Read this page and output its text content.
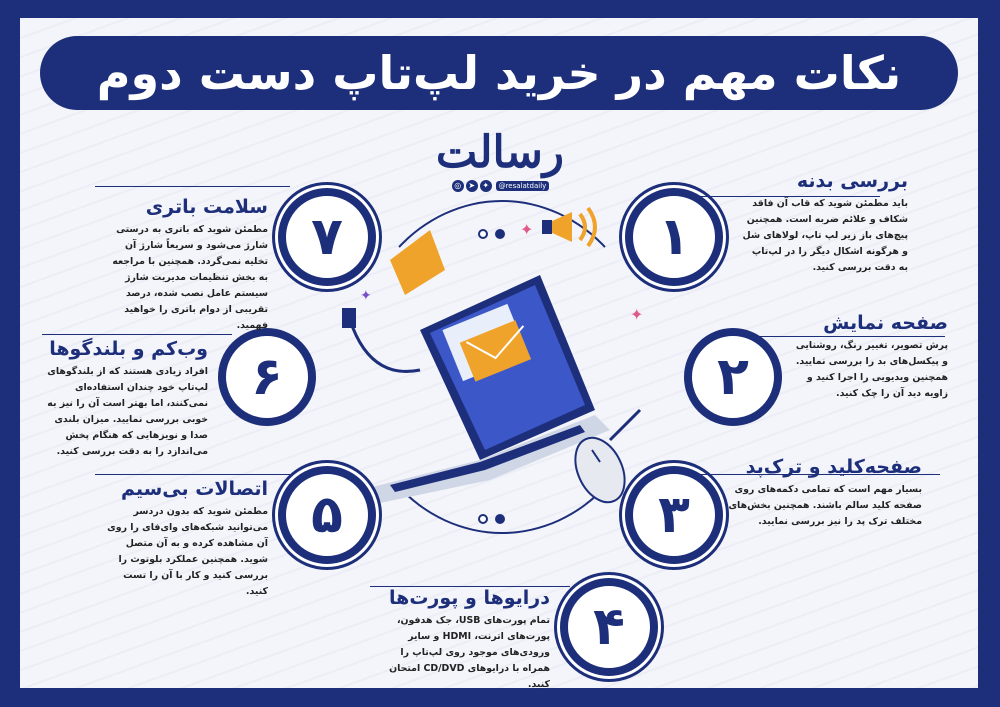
نکات مهم در خرید لپ‌تاپ دست دوم
رسالت
◎ ➤ ✦ @resalatdaily
✦
✦
✦
۱
بررسی بدنه

باید مطمئن شوید که قاب آن فاقد شکاف و علائم ضربه است. همچنین پیچ‌های باز زیر لپ تاپ، لولاهای شل و هرگونه اشکال دیگر را در لپ‌تاپ به دقت بررسی کنید.

۲
صفحه نمایش

پرش تصویر، تغییر رنگ، روشنایی و پیکسل‌های بد را بررسی نمایید. همچنین ویدیویی را اجرا کنید و زاویه دید آن را چک کنید.

۳
صفحه‌کلید و ترک‌پد

بسیار مهم است که تمامی دکمه‌های روی صفحه کلید سالم باشند. همچنین بخش‌های مختلف ترک پد را نیز بررسی نمایید.

۴
درایوها و پورت‌ها

تمام پورت‌های USB، جک هدفون، پورت‌های اترنت، HDMI و سایر ورودی‌های موجود روی لپ‌تاپ را همراه با درایوهای CD/DVD امتحان کنید.

۵
اتصالات بی‌سیم

مطمئن شوید که بدون دردسر می‌توانید شبکه‌های وای‌فای را روی آن مشاهده کرده و به آن متصل شوید. همچنین عملکرد بلوتوث را بررسی کنید و کار با آن را تست کنید.

۶
وب‌کم و بلندگوها

افراد زیادی هستند که از بلندگوهای لپ‌تاپ خود چندان استفاده‌ای نمی‌کنند، اما بهتر است آن را نیز به خوبی بررسی نمایید. میزان بلندی صدا و نویزهایی که هنگام پخش می‌اندازد را به دقت بررسی کنید.

۷
سلامت باتری

مطمئن شوید که باتری به درستی شارژ می‌شود و سریعاً شارژ آن تخلیه نمی‌گردد. همچنین با مراجعه به بخش تنظیمات مدیریت شارژ سیستم عامل نصب شده، درصد تقریبی از دوام باتری را خواهید فهمید.
